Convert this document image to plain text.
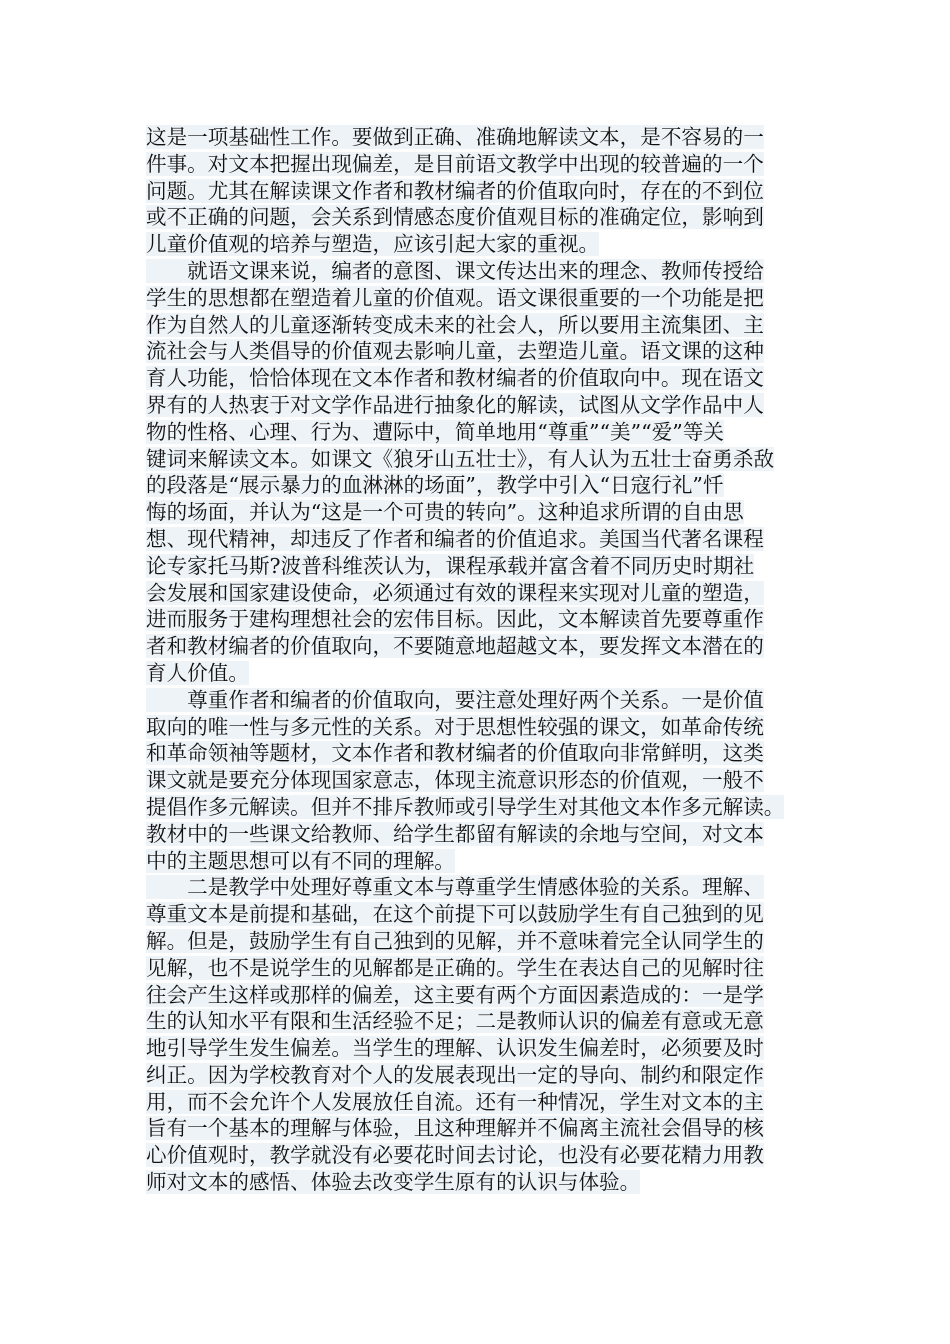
这是一项基础性工作。要做到正确、准确地解读文本，是不容易的一
件事。对文本把握出现偏差，是目前语文教学中出现的较普遍的一个
问题。尤其在解读课文作者和教材编者的价值取向时，存在的不到位
或不正确的问题，会关系到情感态度价值观目标的准确定位，影响到
儿童价值观的培养与塑造，应该引起大家的重视。
　　就语文课来说，编者的意图、课文传达出来的理念、教师传授给
学生的思想都在塑造着儿童的价值观。语文课很重要的一个功能是把
作为自然人的儿童逐渐转变成未来的社会人，所以要用主流集团、主
流社会与人类倡导的价值观去影响儿童，去塑造儿童。语文课的这种
育人功能，恰恰体现在文本作者和教材编者的价值取向中。现在语文
界有的人热衷于对文学作品进行抽象化的解读，试图从文学作品中人
物的性格、心理、行为、遭际中，简单地用“尊重”“美”“爱”等关
键词来解读文本。如课文《狼牙山五壮士》，有人认为五壮士奋勇杀敌
的段落是“展示暴力的血淋淋的场面”，教学中引入“日寇行礼”忏
悔的场面，并认为“这是一个可贵的转向”。这种追求所谓的自由思
想、现代精神，却违反了作者和编者的价值追求。美国当代著名课程
论专家托马斯?波普科维茨认为，课程承载并富含着不同历史时期社
会发展和国家建设使命，必须通过有效的课程来实现对儿童的塑造，
进而服务于建构理想社会的宏伟目标。因此，文本解读首先要尊重作
者和教材编者的价值取向，不要随意地超越文本，要发挥文本潜在的
育人价值。
　　尊重作者和编者的价值取向，要注意处理好两个关系。一是价值
取向的唯一性与多元性的关系。对于思想性较强的课文，如革命传统
和革命领袖等题材，文本作者和教材编者的价值取向非常鲜明，这类
课文就是要充分体现国家意志，体现主流意识形态的价值观，一般不
提倡作多元解读。但并不排斥教师或引导学生对其他文本作多元解读。
教材中的一些课文给教师、给学生都留有解读的余地与空间，对文本
中的主题思想可以有不同的理解。
　　二是教学中处理好尊重文本与尊重学生情感体验的关系。理解、
尊重文本是前提和基础，在这个前提下可以鼓励学生有自己独到的见
解。但是，鼓励学生有自己独到的见解，并不意味着完全认同学生的
见解，也不是说学生的见解都是正确的。学生在表达自己的见解时往
往会产生这样或那样的偏差，这主要有两个方面因素造成的：一是学
生的认知水平有限和生活经验不足；二是教师认识的偏差有意或无意
地引导学生发生偏差。当学生的理解、认识发生偏差时，必须要及时
纠正。因为学校教育对个人的发展表现出一定的导向、制约和限定作
用，而不会允许个人发展放任自流。还有一种情况，学生对文本的主
旨有一个基本的理解与体验，且这种理解并不偏离主流社会倡导的核
心价值观时，教学就没有必要花时间去讨论，也没有必要花精力用教
师对文本的感悟、体验去改变学生原有的认识与体验。
